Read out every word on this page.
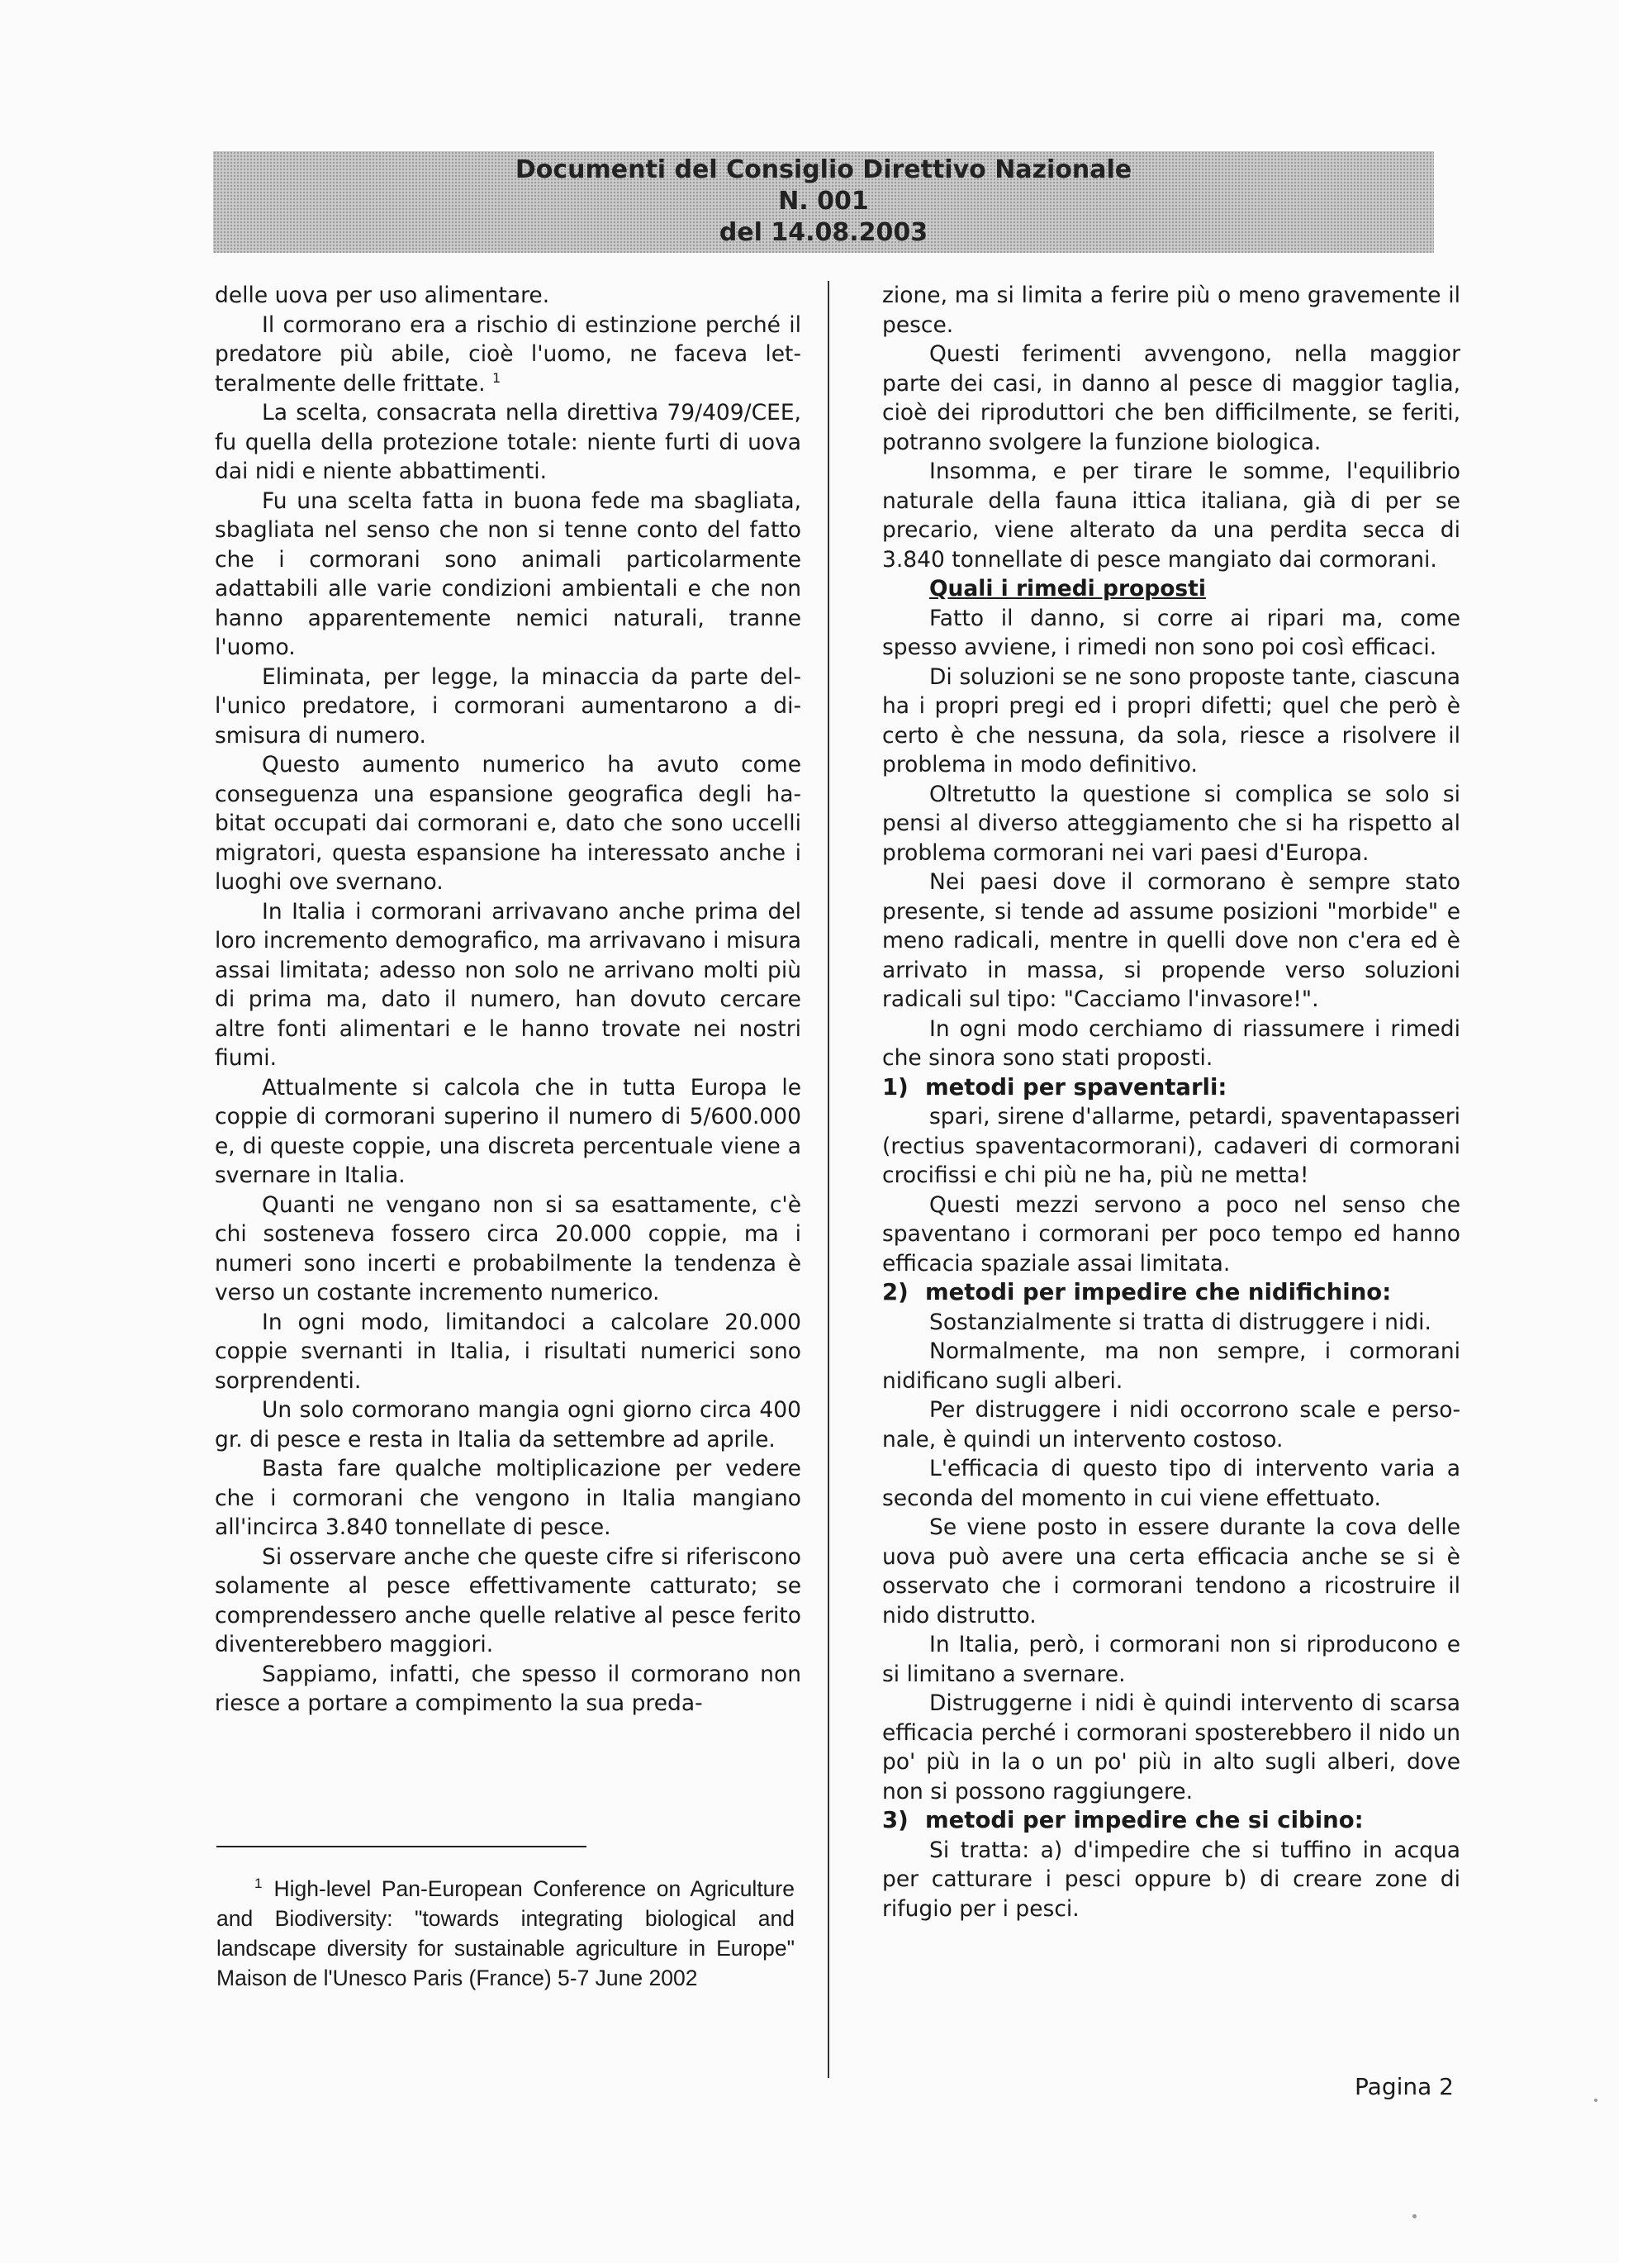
Documenti del Consiglio Direttivo Nazionale
N. 001
del 14.08.2003

delle uova per uso alimentare.

Il cormorano era a rischio di estinzione perché il predatore più abile, cioè l'uomo, ne faceva letteralmente delle frittate. $^1$

La scelta, consacrata nella direttiva 79/409/CEE, fu quella della protezione totale: niente furti di uova dai nidi e niente abbattimenti.

Fu una scelta fatta in buona fede ma sbagliata, sbagliata nel senso che non si tenne conto del fatto che i cormorani sono animali particolarmente adattabili alle varie condizioni ambientali e che non hanno apparentemente nemici naturali, tranne l'uomo.

Eliminata, per legge, la minaccia da parte dell'unico predatore, i cormorani aumentarono a dismisura di numero.

Questo aumento numerico ha avuto come conseguenza una espansione geografica degli habitat occupati dai cormorani e, dato che sono uccelli migratori, questa espansione ha interessato anche i luoghi ove svernano.

In Italia i cormorani arrivavano anche prima del loro incremento demografico, ma arrivavano i misura assai limitata; adesso non solo ne arrivano molti più di prima ma, dato il numero, han dovuto cercare altre fonti alimentari e le hanno trovate nei nostri fiumi.

Attualmente si calcola che in tutta Europa le coppie di cormorani superino il numero di 5/600.000 e, di queste coppie, una discreta percentuale viene a svernare in Italia.

Quanti ne vengano non si sa esattamente, c'è chi sosteneva fossero circa 20.000 coppie, ma i numeri sono incerti e probabilmente la tendenza è verso un costante incremento numerico.

In ogni modo, limitandoci a calcolare 20.000 coppie svernanti in Italia, i risultati numerici sono sorprendenti.

Un solo cormorano mangia ogni giorno circa 400 gr. di pesce e resta in Italia da settembre ad aprile.

Basta fare qualche moltiplicazione per vedere che i cormorani che vengono in Italia mangiano all'incirca 3.840 tonnellate di pesce.

Si osservare anche che queste cifre si riferiscono solamente al pesce effettivamente catturato; se comprendessero anche quelle relative al pesce ferito diventerebbero maggiori.

Sappiamo, infatti, che spesso il cormorano non riesce a portare a compimento la sua preda-

1 High-level Pan-European Conference on Agriculture and Biodiversity: "towards integrating biological and landscape diversity for sustainable agriculture in Europe" Maison de l'Unesco Paris (France) 5-7 June 2002

zione, ma si limita a ferire più o meno gravemente il pesce.

Questi ferimenti avvengono, nella maggior parte dei casi, in danno al pesce di maggior taglia, cioè dei riproduttori che ben difficilmente, se feriti, potranno svolgere la funzione biologica.

Insomma, e per tirare le somme, l'equilibrio naturale della fauna ittica italiana, già di per se precario, viene alterato da una perdita secca di 3.840 tonnellate di pesce mangiato dai cormorani.

Quali i rimedi proposti

Fatto il danno, si corre ai ripari ma, come spesso avviene, i rimedi non sono poi così efficaci.

Di soluzioni se ne sono proposte tante, ciascuna ha i propri pregi ed i propri difetti; quel che però è certo è che nessuna, da sola, riesce a risolvere il problema in modo definitivo.

Oltretutto la questione si complica se solo si pensi al diverso atteggiamento che si ha rispetto al problema cormorani nei vari paesi d'Europa.

Nei paesi dove il cormorano è sempre stato presente, si tende ad assume posizioni "morbide" e meno radicali, mentre in quelli dove non c'era ed è arrivato in massa, si propende verso soluzioni radicali sul tipo: "Cacciamo l'invasore!".

In ogni modo cerchiamo di riassumere i rimedi che sinora sono stati proposti.

1) metodi per spaventarli:

spari, sirene d'allarme, petardi, spaventapasseri (rectius spaventacormorani), cadaveri di cormorani crocifissi e chi più ne ha, più ne metta!

Questi mezzi servono a poco nel senso che spaventano i cormorani per poco tempo ed hanno efficacia spaziale assai limitata.

2) metodi per impedire che nidifichino:

Sostanzialmente si tratta di distruggere i nidi.

Normalmente, ma non sempre, i cormorani nidificano sugli alberi.

Per distruggere i nidi occorrono scale e personale, è quindi un intervento costoso.

L'efficacia di questo tipo di intervento varia a seconda del momento in cui viene effettuato.

Se viene posto in essere durante la cova delle uova può avere una certa efficacia anche se si è osservato che i cormorani tendono a ricostruire il nido distrutto.

In Italia, però, i cormorani non si riproducono e si limitano a svernare.

Distruggerne i nidi è quindi intervento di scarsa efficacia perché i cormorani sposterebbero il nido un po' più in la o un po' più in alto sugli alberi, dove non si possono raggiungere.

3) metodi per impedire che si cibino:

Si tratta: a) d'impedire che si tuffino in acqua per catturare i pesci oppure b) di creare zone di rifugio per i pesci.

Pagina 2
